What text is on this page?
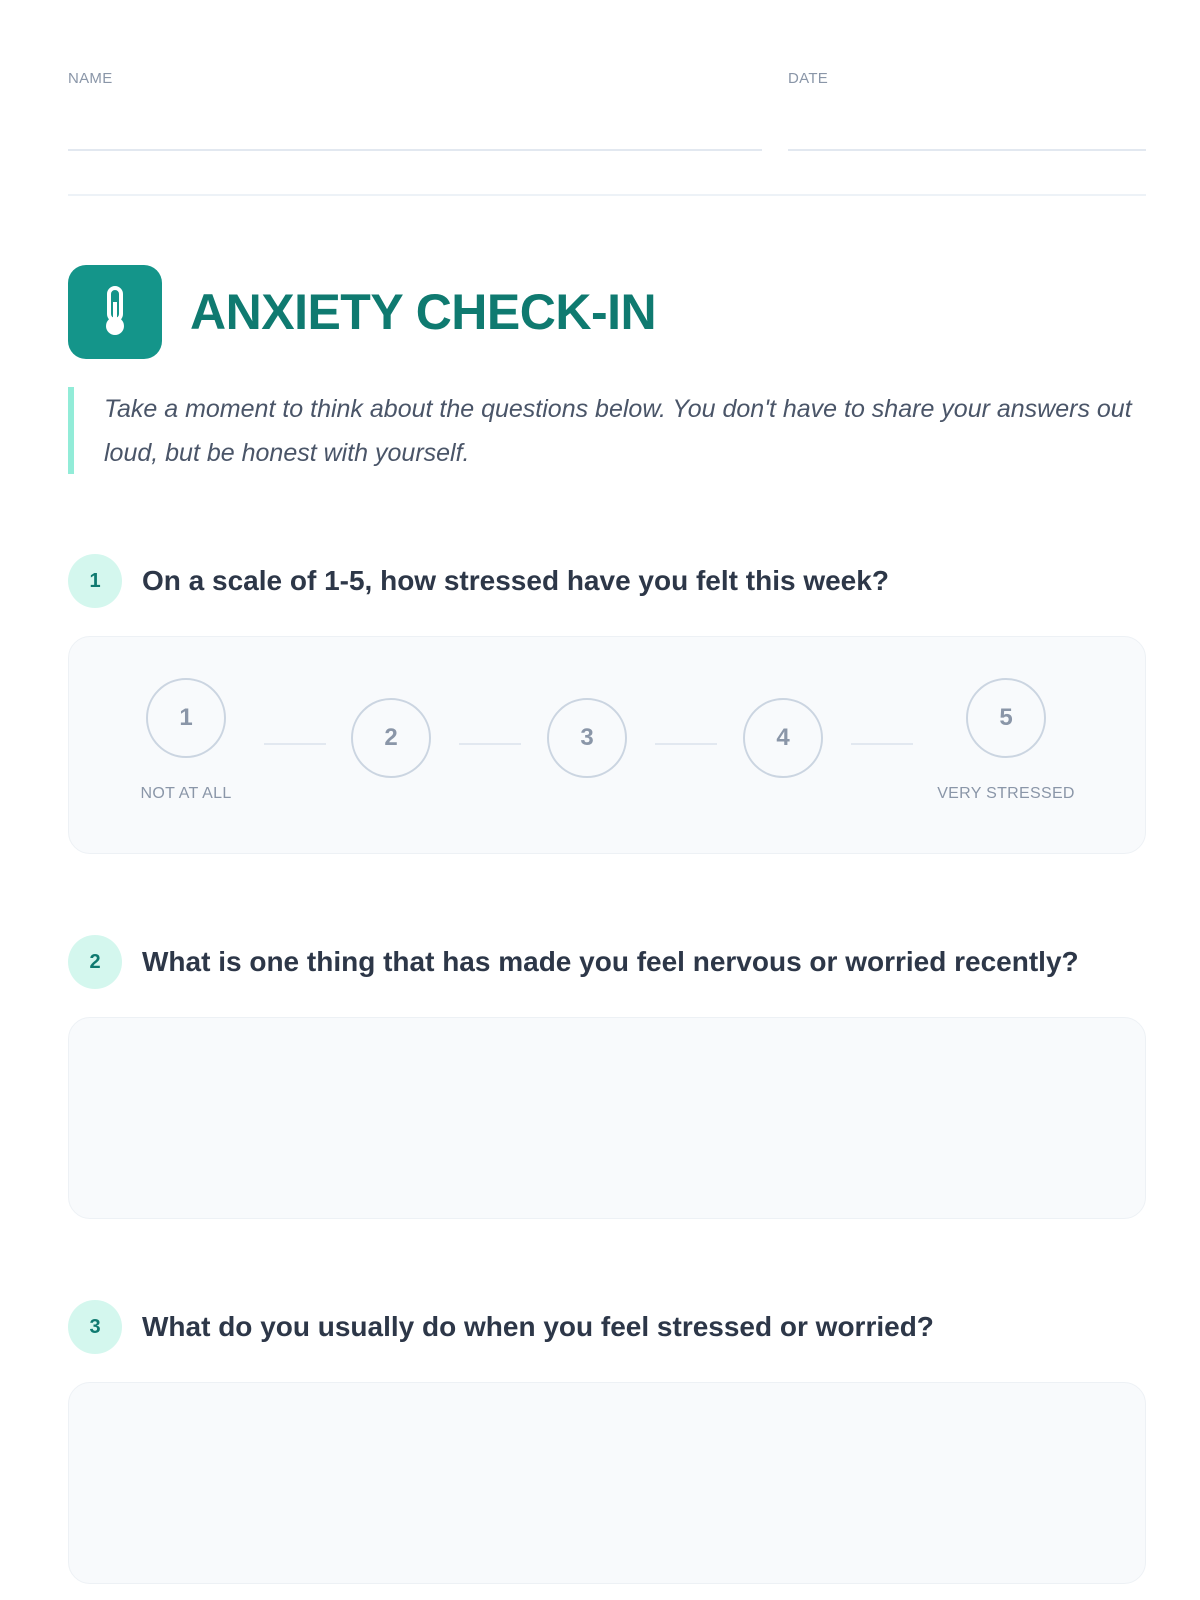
NAME	DATE
ANXIETY CHECK-IN

Take a moment to think about the questions below. You don't have to share your answers out loud, but be honest with yourself.

1	On a scale of 1-5, how stressed have you felt this week?
1
2	3	4
5
NOT AT ALL	VERY STRESSED
2	What is one thing that has made you feel nervous or worried recently?
3	What do you usually do when you feel stressed or worried?
